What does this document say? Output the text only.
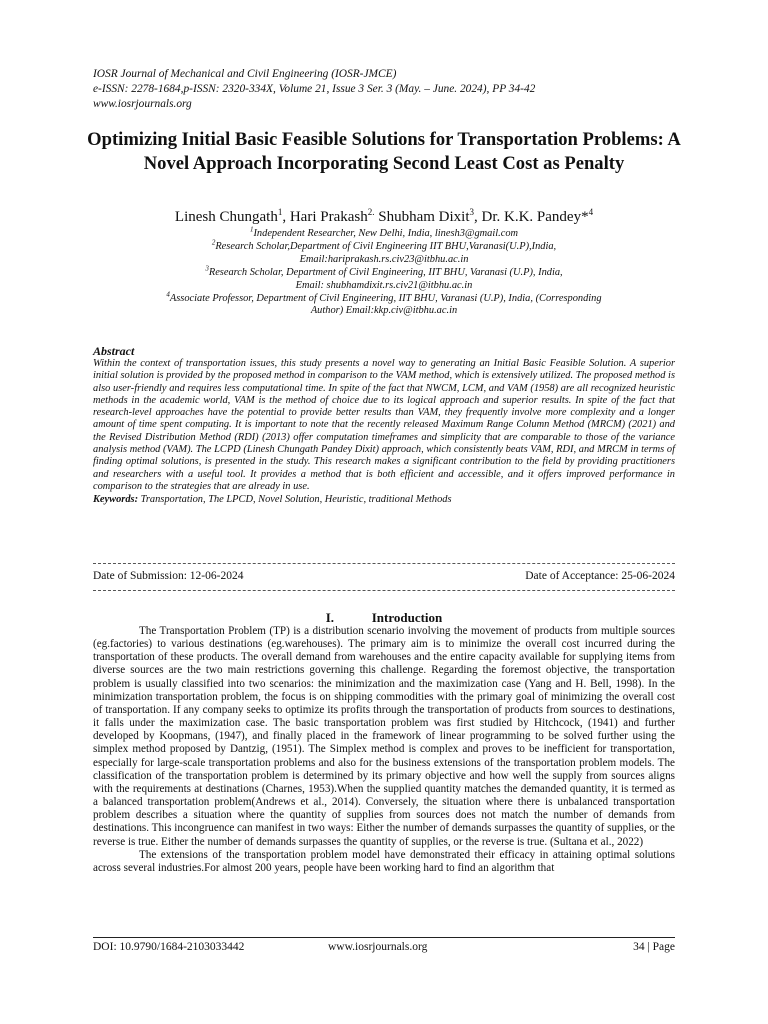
IOSR Journal of Mechanical and Civil Engineering (IOSR-JMCE)
e-ISSN: 2278-1684,p-ISSN: 2320-334X, Volume 21, Issue 3 Ser. 3 (May. – June. 2024), PP 34-42
www.iosrjournals.org
Optimizing Initial Basic Feasible Solutions for Transportation Problems: A Novel Approach Incorporating Second Least Cost as Penalty
Linesh Chungath$^1$, Hari Prakash$^{2.}$ Shubham Dixit$^3$, Dr. K.K. Pandey*$^4$
$^1$Independent Researcher, New Delhi, India, linesh3@gmail.com
$^2$Research Scholar,Department of Civil Engineering IIT BHU,Varanasi(U.P),India,
Email:hariprakash.rs.civ23@itbhu.ac.in
$^3$Research Scholar, Department of Civil Engineering, IIT BHU, Varanasi (U.P), India,
Email: shubhamdixit.rs.civ21@itbhu.ac.in
$^4$Associate Professor, Department of Civil Engineering, IIT BHU, Varanasi (U.P), India, (Corresponding
Author) Email:kkp.civ@itbhu.ac.in
Abstract

Within the context of transportation issues, this study presents a novel way to generating an Initial Basic Feasible Solution. A superior initial solution is provided by the proposed method in comparison to the VAM method, which is extensively utilized. The proposed method is also user-friendly and requires less computational time. In spite of the fact that NWCM, LCM, and VAM (1958) are all recognized heuristic methods in the academic world, VAM is the method of choice due to its logical approach and superior results. In spite of the fact that research-level approaches have the potential to provide better results than VAM, they frequently involve more complexity and a longer amount of time spent computing. It is important to note that the recently released Maximum Range Column Method (MRCM) (2021) and the Revised Distribution Method (RDI) (2013) offer computation timeframes and simplicity that are comparable to those of the variance analysis method (VAM). The LCPD (Linesh Chungath Pandey Dixit) approach, which consistently beats VAM, RDI, and MRCM in terms of finding optimal solutions, is presented in the study. This research makes a significant contribution to the field by providing practitioners and researchers with a useful tool. It provides a method that is both efficient and accessible, and it offers improved performance in comparison to the strategies that are already in use.

Keywords: Transportation, The LPCD, Novel Solution, Heuristic, traditional Methods

Date of Submission: 12-06-2024	Date of Acceptance: 25-06-2024
I.	Introduction

The Transportation Problem (TP) is a distribution scenario involving the movement of products from multiple sources (eg.factories) to various destinations (eg.warehouses). The primary aim is to minimize the overall cost incurred during the transportation of these products. The overall demand from warehouses and the entire capacity available for supplying items from diverse sources are the two main restrictions governing this challenge. Regarding the foremost objective, the transportation problem is usually classified into two scenarios: the minimization and the maximization case (Yang and H. Bell, 1998). In the minimization transportation problem, the focus is on shipping commodities with the primary goal of minimizing the overall cost of transportation. If any company seeks to optimize its profits through the transportation of products from sources to destinations, it falls under the maximization case. The basic transportation problem was first studied by Hitchcock, (1941) and further developed by Koopmans, (1947), and finally placed in the framework of linear programming to be solved further using the simplex method proposed by Dantzig, (1951). The Simplex method is complex and proves to be inefficient for transportation, especially for large-scale transportation problems and also for the business extensions of the transportation problem models. The classification of the transportation problem is determined by its primary objective and how well the supply from sources aligns with the requirements at destinations (Charnes, 1953).When the supplied quantity matches the demanded quantity, it is termed as a balanced transportation problem(Andrews et al., 2014). Conversely, the situation where there is unbalanced transportation problem describes a situation where the quantity of supplies from sources does not match the number of demands from destinations. This incongruence can manifest in two ways: Either the number of demands surpasses the quantity of supplies, or the reverse is true. Either the number of demands surpasses the quantity of supplies, or the reverse is true. (Sultana et al., 2022)

The extensions of the transportation problem model have demonstrated their efficacy in attaining optimal solutions across several industries.For almost 200 years, people have been working hard to find an algorithm that

DOI: 10.9790/1684-2103033442	www.iosrjournals.org	34 | Page
